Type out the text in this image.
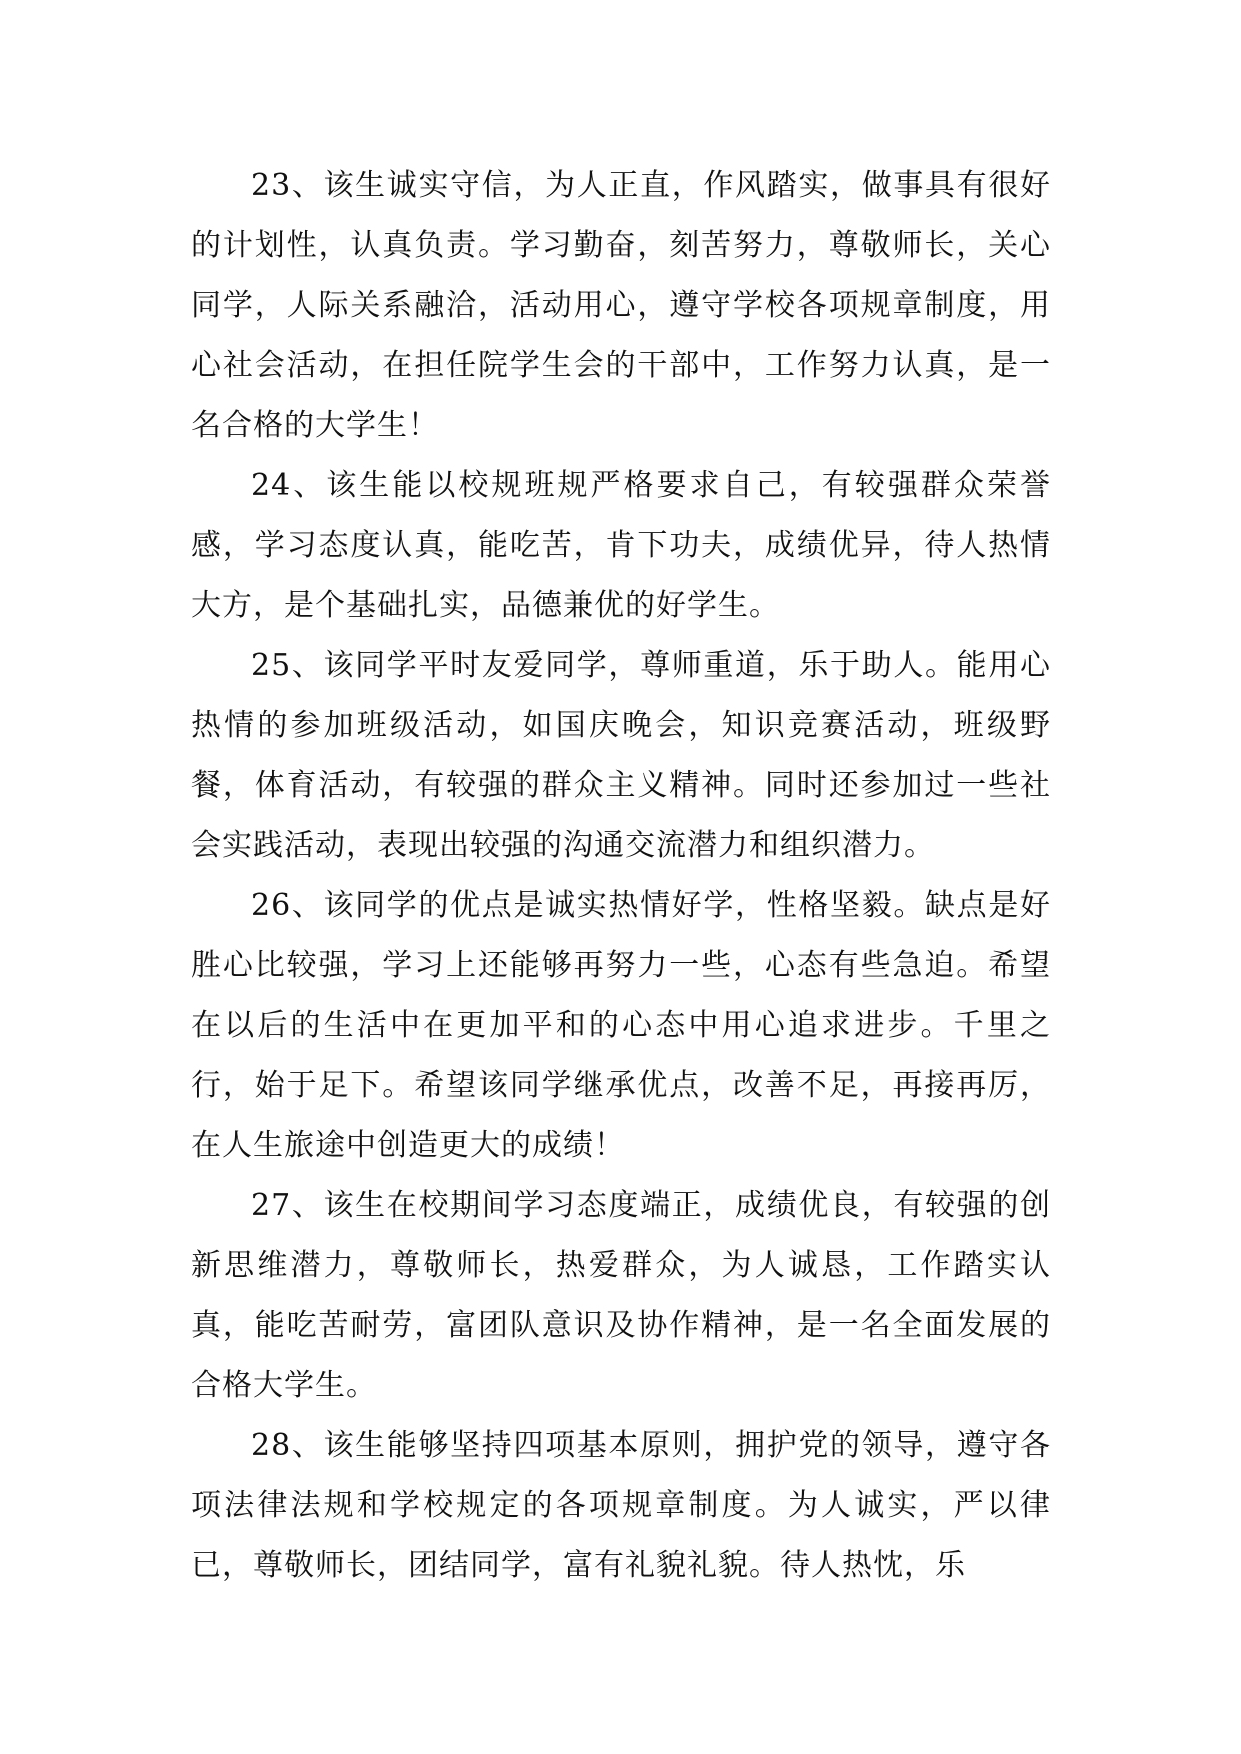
23、该生诚实守信，为人正直，作风踏实，做事具有很好的计划性，认真负责。学习勤奋，刻苦努力，尊敬师长，关心同学，人际关系融洽，活动用心，遵守学校各项规章制度，用心社会活动，在担任院学生会的干部中，工作努力认真，是一名合格的大学生！

24、该生能以校规班规严格要求自己，有较强群众荣誉感，学习态度认真，能吃苦，肯下功夫，成绩优异，待人热情大方，是个基础扎实，品德兼优的好学生。

25、该同学平时友爱同学，尊师重道，乐于助人。能用心热情的参加班级活动，如国庆晚会，知识竞赛活动，班级野餐，体育活动，有较强的群众主义精神。同时还参加过一些社会实践活动，表现出较强的沟通交流潜力和组织潜力。

26、该同学的优点是诚实热情好学，性格坚毅。缺点是好胜心比较强，学习上还能够再努力一些，心态有些急迫。希望在以后的生活中在更加平和的心态中用心追求进步。千里之行，始于足下。希望该同学继承优点，改善不足，再接再厉，在人生旅途中创造更大的成绩！

27、该生在校期间学习态度端正，成绩优良，有较强的创新思维潜力，尊敬师长，热爱群众，为人诚恳，工作踏实认真，能吃苦耐劳，富团队意识及协作精神，是一名全面发展的合格大学生。

28、该生能够坚持四项基本原则，拥护党的领导，遵守各项法律法规和学校规定的各项规章制度。为人诚实，严以律已，尊敬师长，团结同学，富有礼貌礼貌。待人热忱，乐
